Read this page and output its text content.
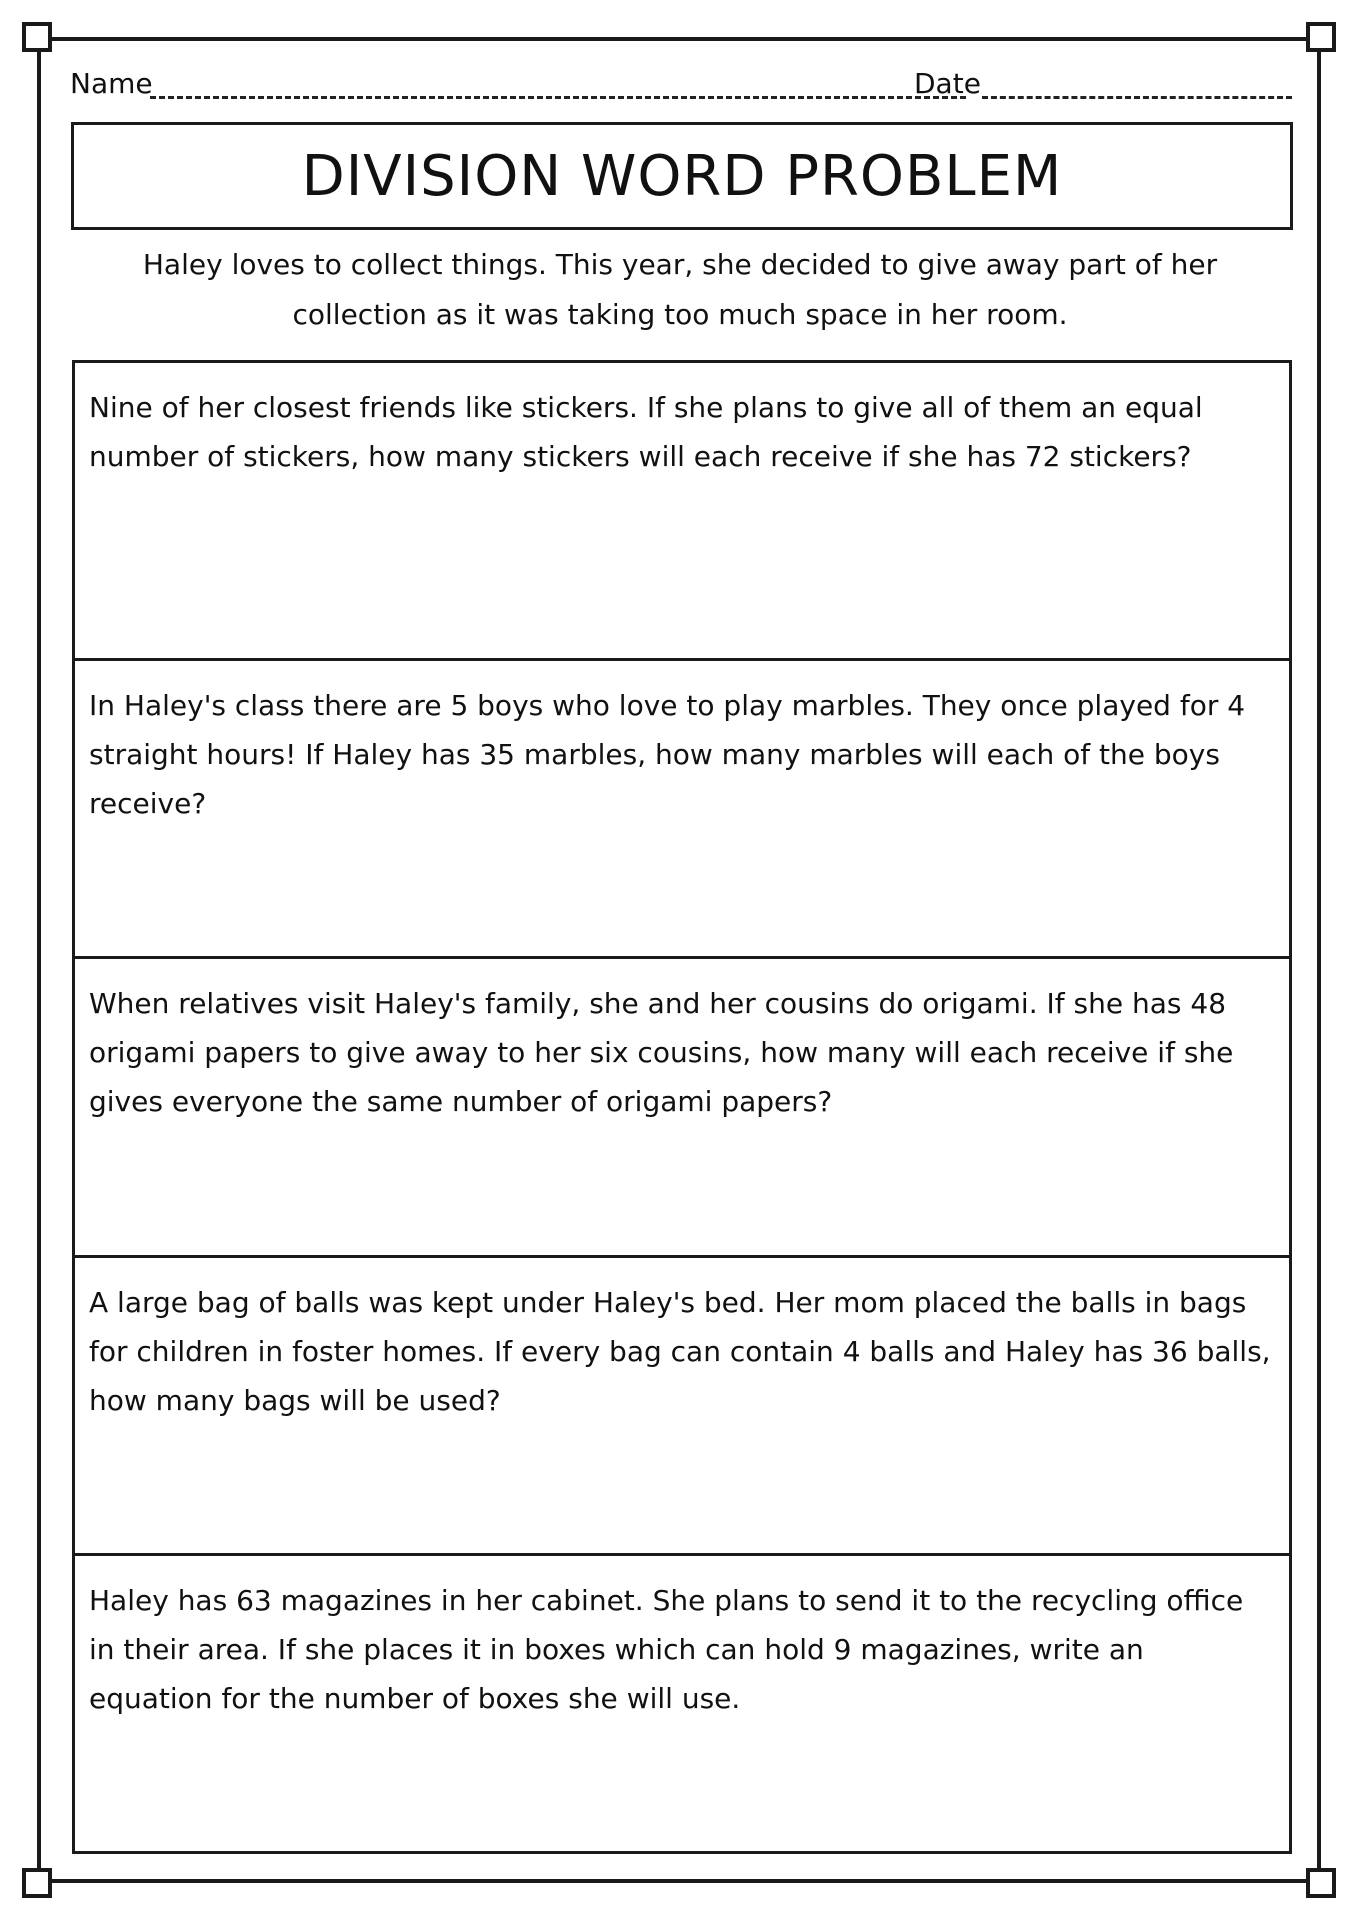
Name	Date
DIVISION WORD PROBLEM
Haley loves to collect things. This year, she decided to give away part of her collection as it was taking too much space in her room.
Nine of her closest friends like stickers. If she plans to give all of them an equal number of stickers, how many stickers will each receive if she has 72 stickers?
In Haley's class there are 5 boys who love to play marbles. They once played for 4 straight hours! If Haley has 35 marbles, how many marbles will each of the boys receive?
When relatives visit Haley's family, she and her cousins do origami. If she has 48 origami papers to give away to her six cousins, how many will each receive if she gives everyone the same number of origami papers?
A large bag of balls was kept under Haley's bed. Her mom placed the balls in bags for children in foster homes. If every bag can contain 4 balls and Haley has 36 balls, how many bags will be used?
Haley has 63 magazines in her cabinet. She plans to send it to the recycling office in their area. If she places it in boxes which can hold 9 magazines, write an equation for the number of boxes she will use.
